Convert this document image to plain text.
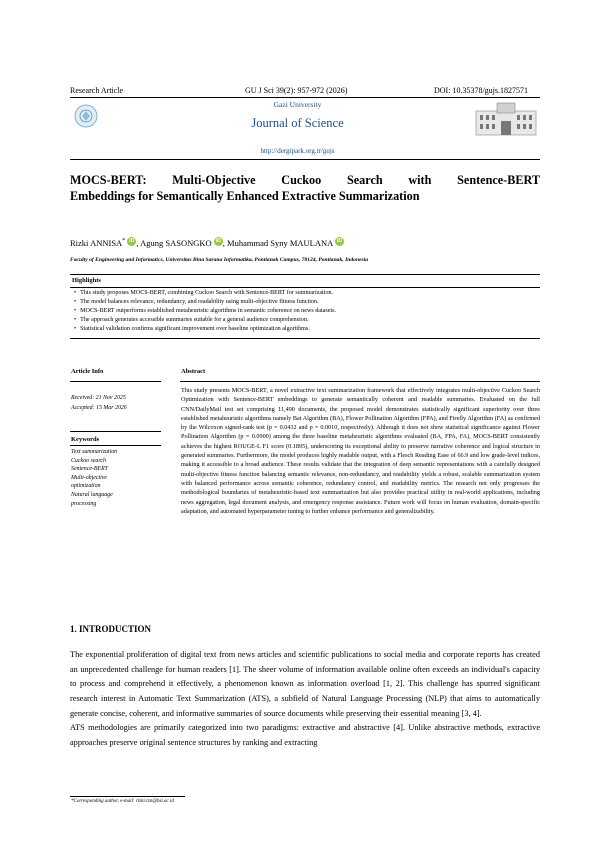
Research Article	GU J Sci 39(2): 957-972 (2026)	DOI: 10.35378/gujs.1827571
Gazi University
Journal of Science
http://dergipark.org.tr/gujs
MOCS-BERT: Multi-Objective Cuckoo Search with Sentence-BERT
Embeddings for Semantically Enhanced Extractive Summarization
Rizki ANNISA* iD , Agung SASONGKO iD , Muhammad Syny MAULANA iD
Faculty of Engineering and Informatics, Universitas Bina Sarana Informatika, Pontianak Campus, 78124, Pontianak, Indonesia
Highlights
• This study proposes MOCS-BERT, combining Cuckoo Search with Sentence-BERT for summarization.
• The model balances relevance, redundancy, and readability using multi-objective fitness function.
• MOCS-BERT outperforms established metaheuristic algorithms in semantic coherence on news datasets.
• The approach generates accessible summaries suitable for a general audience comprehension.
• Statistical validation confirms significant improvement over baseline optimization algorithms.
Article Info
Received: 21 Nov 2025
Accepted: 15 Mar 2026
Keywords
Text summarization
Cuckoo search
Sentence-BERT
Multi-objective
optimization
Natural language
processing
Abstract
This study presents MOCS-BERT, a novel extractive text summarization framework that effectively integrates multi-objective Cuckoo Search Optimization with Sentence-BERT embeddings to generate semantically coherent and readable summaries. Evaluated on the full CNN/DailyMail test set comprising 11,490 documents, the proposed model demonstrates statistically significant superiority over three established metaheuristic algorithms namely Bat Algorithm (BA), Flower Pollination Algorithm (FPA), and Firefly Algorithm (FA) as confirmed by the Wilcoxon signed-rank test (p = 0.0432 and p = 0.0010, respectively). Although it does not show statistical significance against Flower Pollination Algorithm (p = 0.0900) among the three baseline metaheuristic algorithms evaluated (BA, FPA, FA), MOCS-BERT consistently achieves the highest ROUGE-L F1 score (0.1895), underscoring its exceptional ability to preserve narrative coherence and logical structure in generated summaries. Furthermore, the model produces highly readable output, with a Flesch Reading Ease of 66.9 and low grade-level indices, making it accessible to a broad audience. These results validate that the integration of deep semantic representations with a carefully designed multi-objective fitness function balancing semantic relevance, non-redundancy, and readability yields a robust, scalable summarization system with balanced performance across semantic coherence, redundancy control, and readability metrics. The research not only progresses the methodological boundaries of metaheuristic-based text summarization but also provides practical utility in real-world applications, including news aggregation, legal document analysis, and emergency response assistance. Future work will focus on human evaluation, domain-specific adaptation, and automated hyperparameter tuning to further enhance performance and generalizability.
1. INTRODUCTION
The exponential proliferation of digital text from news articles and scientific publications to social media and corporate reports has created an unprecedented challenge for human readers [1]. The sheer volume of information available online often exceeds an individual's capacity to process and comprehend it effectively, a phenomenon known as information overload [1, 2]. This challenge has spurred significant research interest in Automatic Text Summarization (ATS), a subfield of Natural Language Processing (NLP) that aims to automatically generate concise, coherent, and informative summaries of source documents while preserving their essential meaning [3, 4].
ATS methodologies are primarily categorized into two paradigms: extractive and abstractive [4]. Unlike abstractive methods, extractive approaches preserve original sentence structures by ranking and extracting
*Corresponding author, e-mail: rizki.rzn@bsi.ac.id
